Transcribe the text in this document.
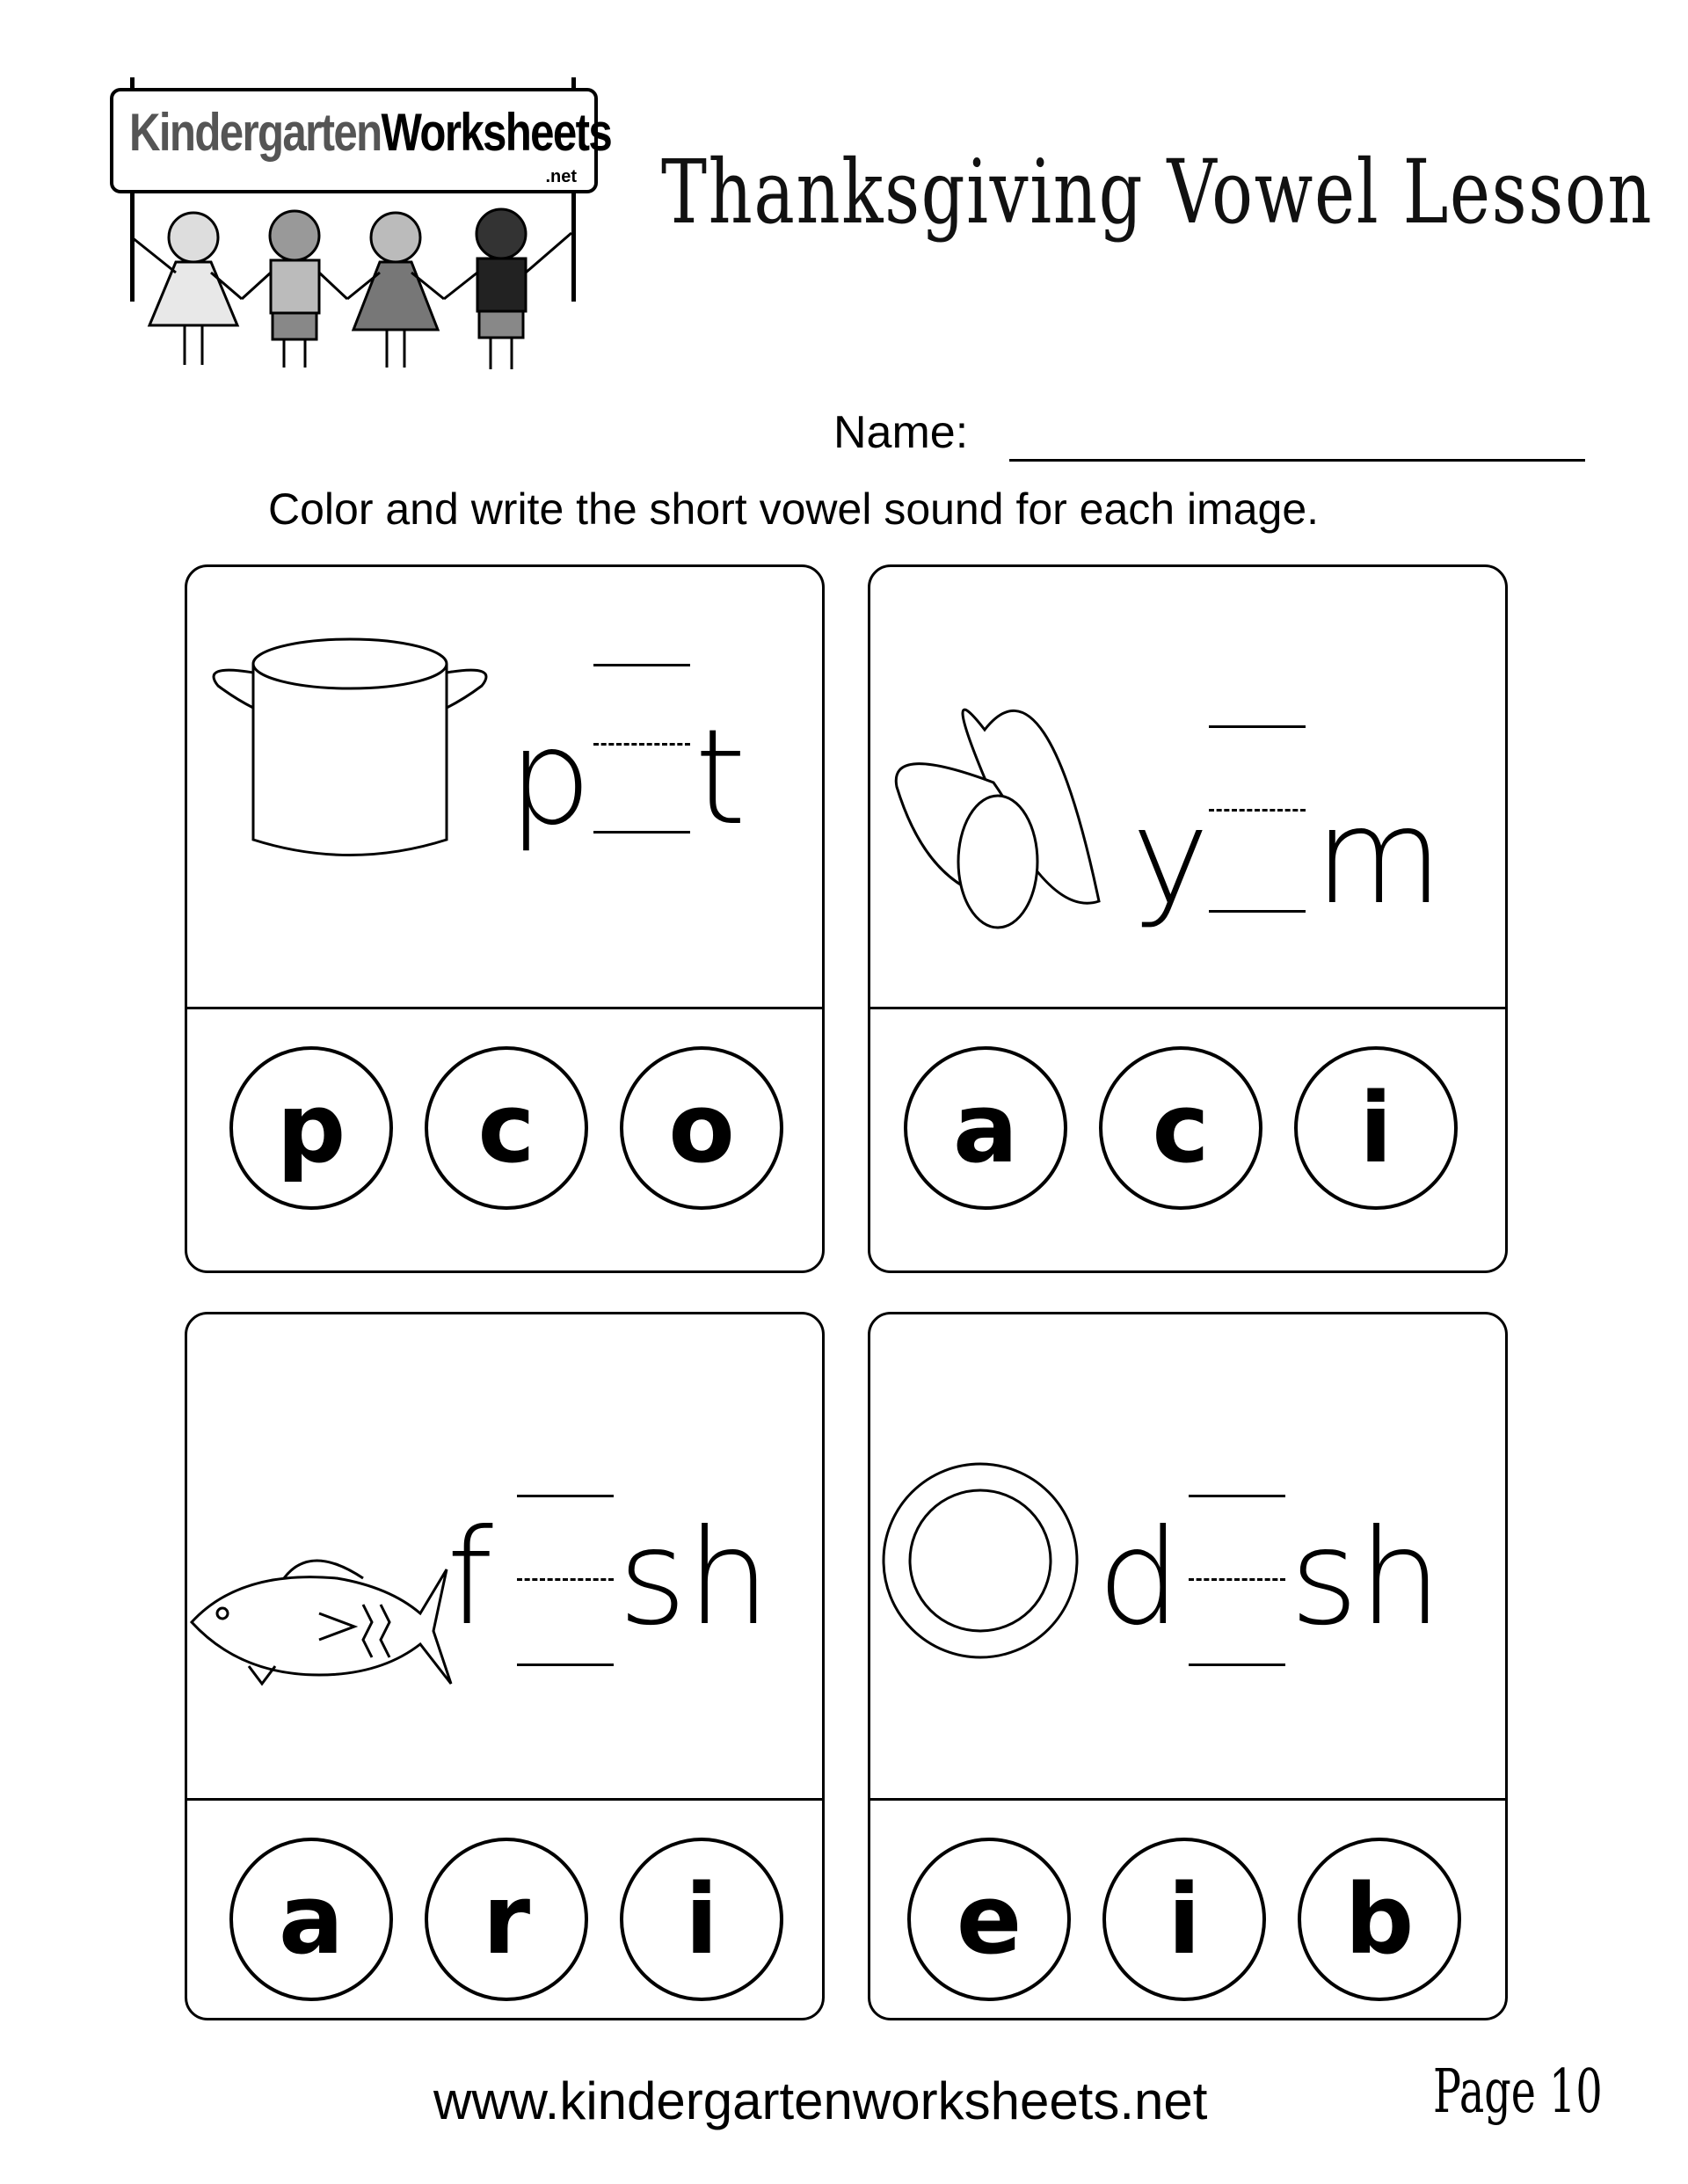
KindergartenWorksheets
.net Thanksgiving Vowel Lesson
Name:
Color and write the short vowel sound for each image.
p t
p	c	o
y m
a	c	i
f sh
a	r	i
d sh
e	i	b
www.kindergartenworksheets.net	Page 10
